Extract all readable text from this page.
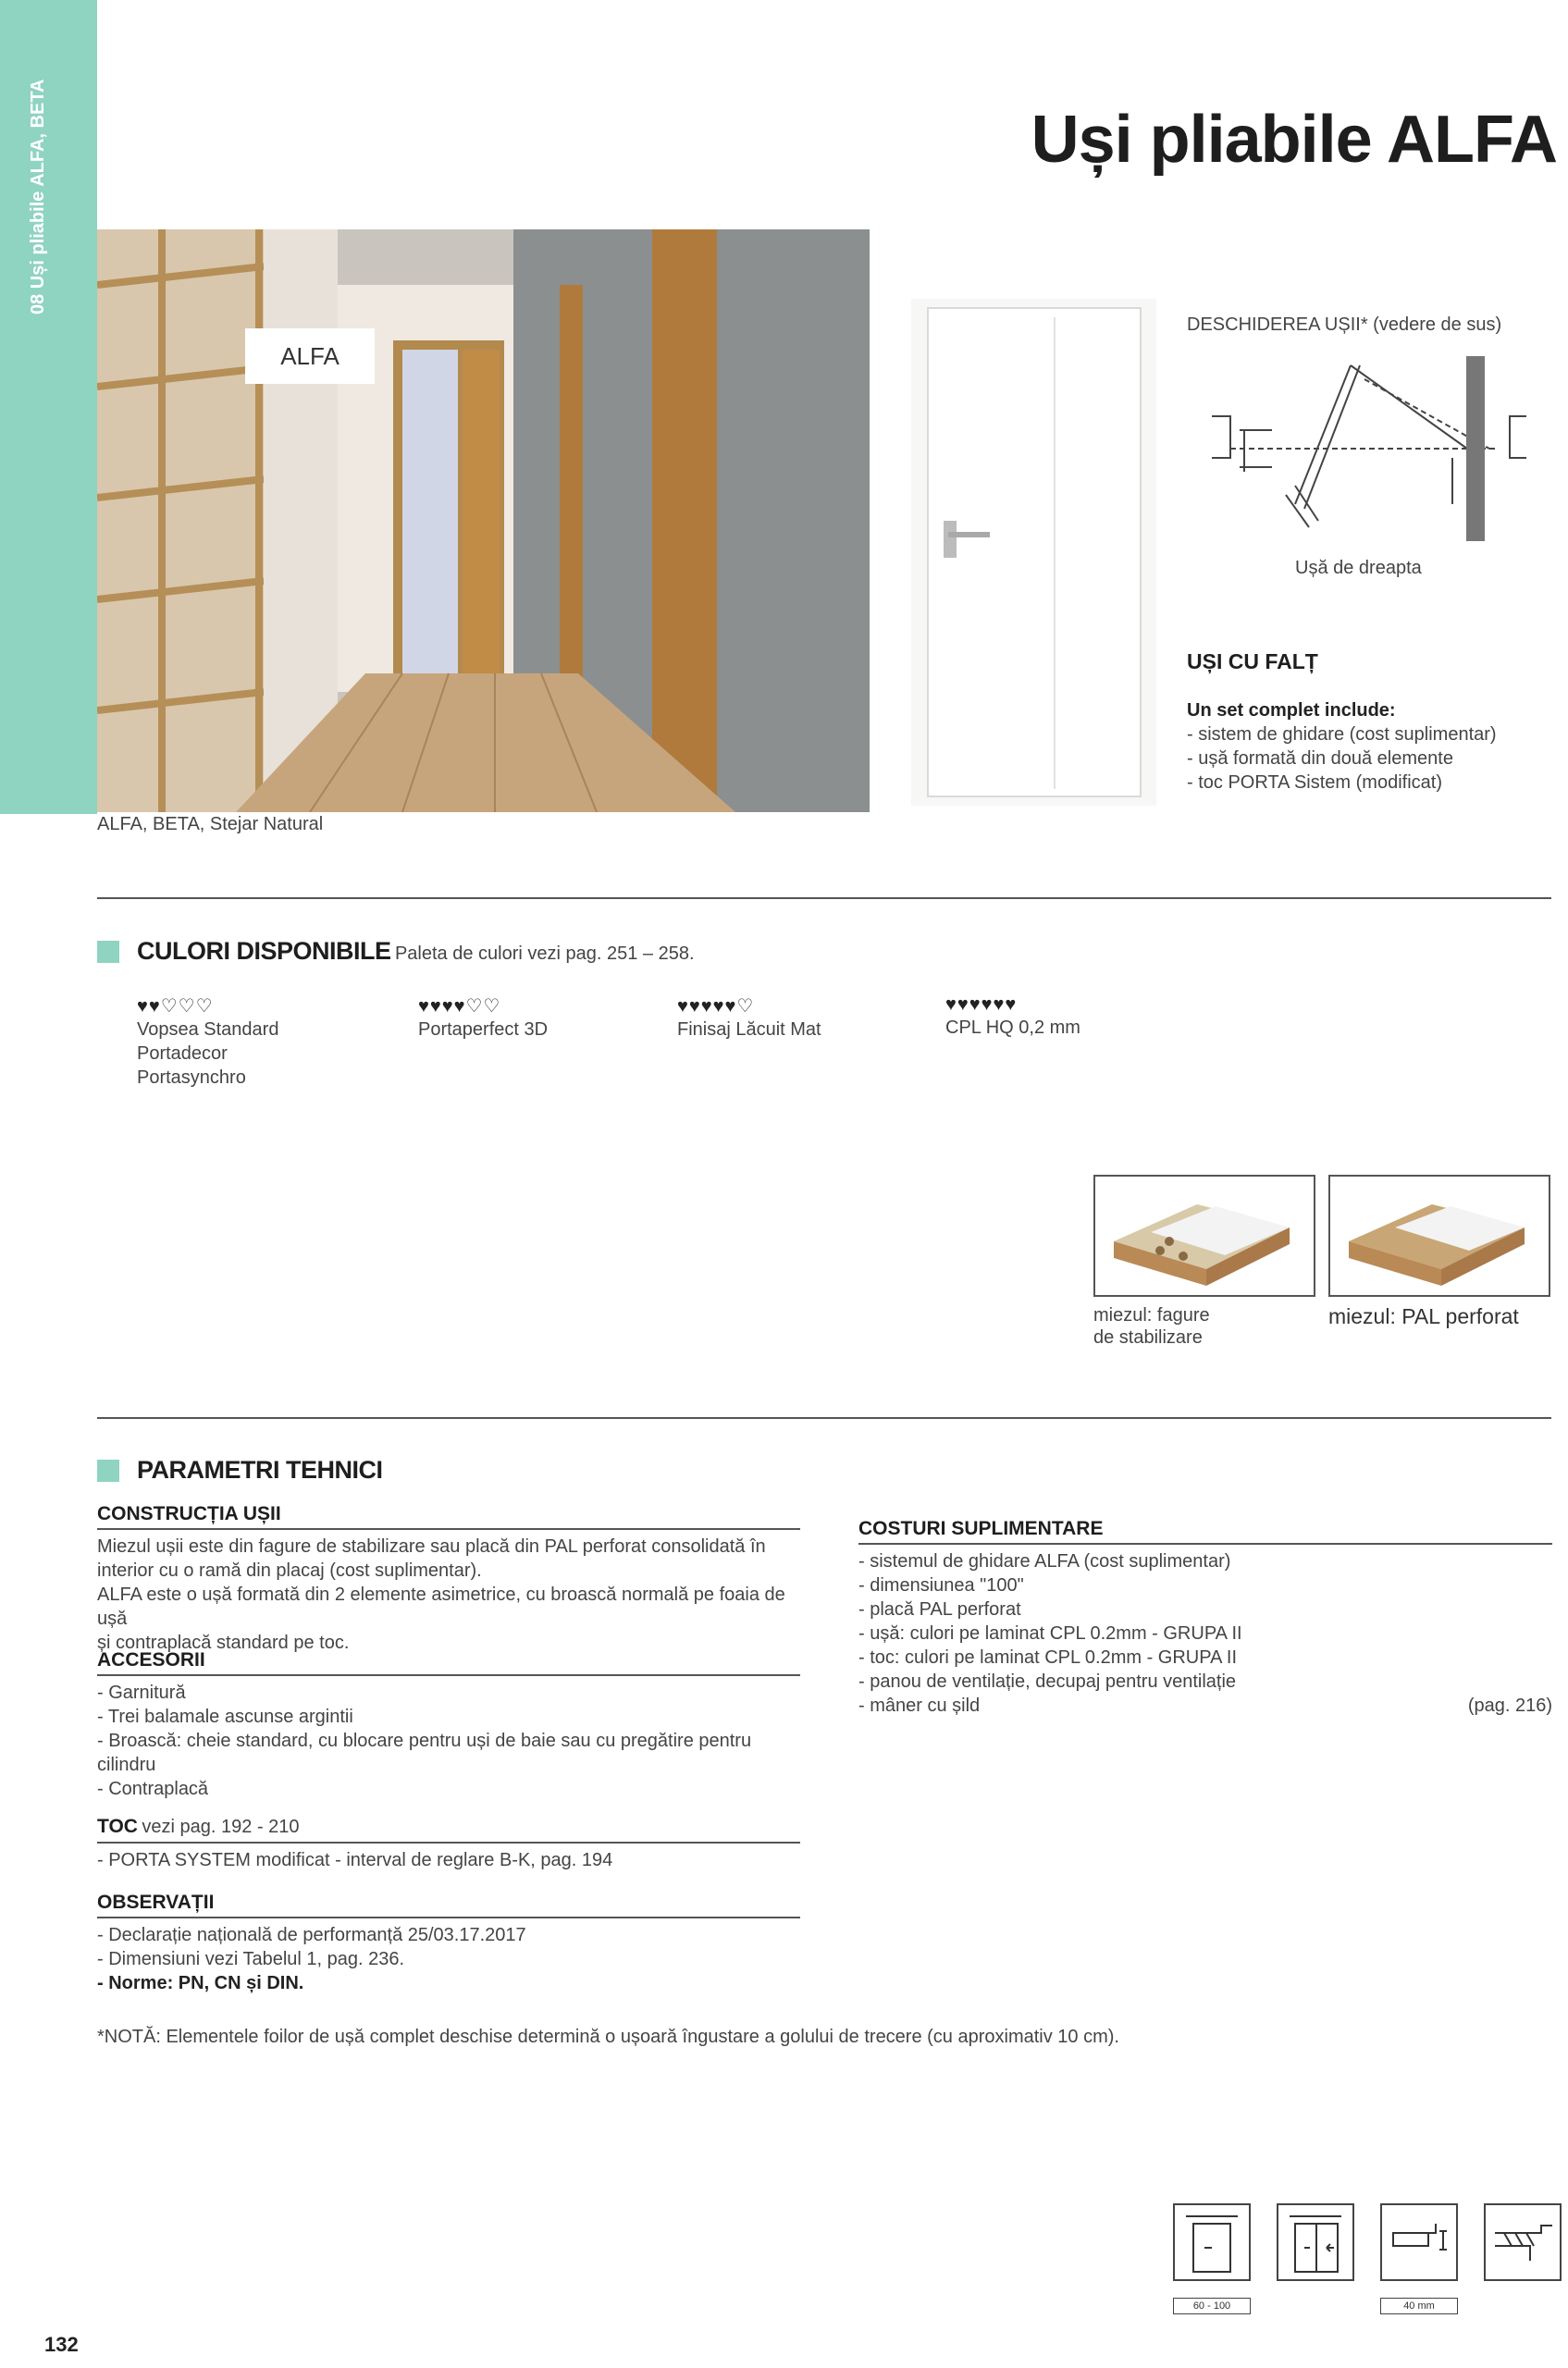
08 Uși pliabile ALFA, BETA	Uși pliabile ALFA
ALFA
ALFA, BETA, Stejar Natural
DESCHIDEREA UȘII* (vedere de sus)
Ușă de dreapta
UȘI CU FALȚ
Un set complet include:
- sistem de ghidare (cost suplimentar)
- ușă formată din două elemente
- toc PORTA Sistem (modificat)
CULORI DISPONIBILE Paleta de culori vezi pag. 251 – 258.
♥♥♡♡♡
Vopsea Standard
Portadecor
Portasynchro
♥♥♥♥♡♡
Portaperfect 3D
♥♥♥♥♥♡
Finisaj Lăcuit Mat
♥♥♥♥♥♥
CPL HQ 0,2 mm
miezul: fagure
de stabilizare
miezul: PAL perforat
PARAMETRI TEHNICI
CONSTRUCȚIA UȘII
Miezul ușii este din fagure de stabilizare sau placă din PAL perforat consolidată în
interior cu o ramă din placaj (cost suplimentar).
ALFA este o ușă formată din 2 elemente asimetrice, cu broască normală pe foaia de ușă
și contraplacă standard pe toc.
ACCESORII
- Garnitură
- Trei balamale ascunse argintii
- Broască: cheie standard, cu blocare pentru uși de baie sau cu pregătire pentru cilindru
- Contraplacă
TOC vezi pag. 192 - 210
- PORTA SYSTEM modificat - interval de reglare B-K, pag. 194
OBSERVAȚII
- Declarație națională de performanță 25/03.17.2017
- Dimensiuni vezi Tabelul 1, pag. 236.
- Norme: PN, CN și DIN.
COSTURI SUPLIMENTARE
- sistemul de ghidare ALFA (cost suplimentar)
- dimensiunea "100"
- placă PAL perforat
- ușă: culori pe laminat CPL 0.2mm - GRUPA II
- toc: culori pe laminat CPL 0.2mm - GRUPA II
- panou de ventilație, decupaj pentru ventilație
- mâner cu șild	(pag. 216)
*NOTĂ: Elementele foilor de ușă complet deschise determină o ușoară îngustare a golului de trecere (cu aproximativ 10 cm).
60 - 100	40 mm
132
